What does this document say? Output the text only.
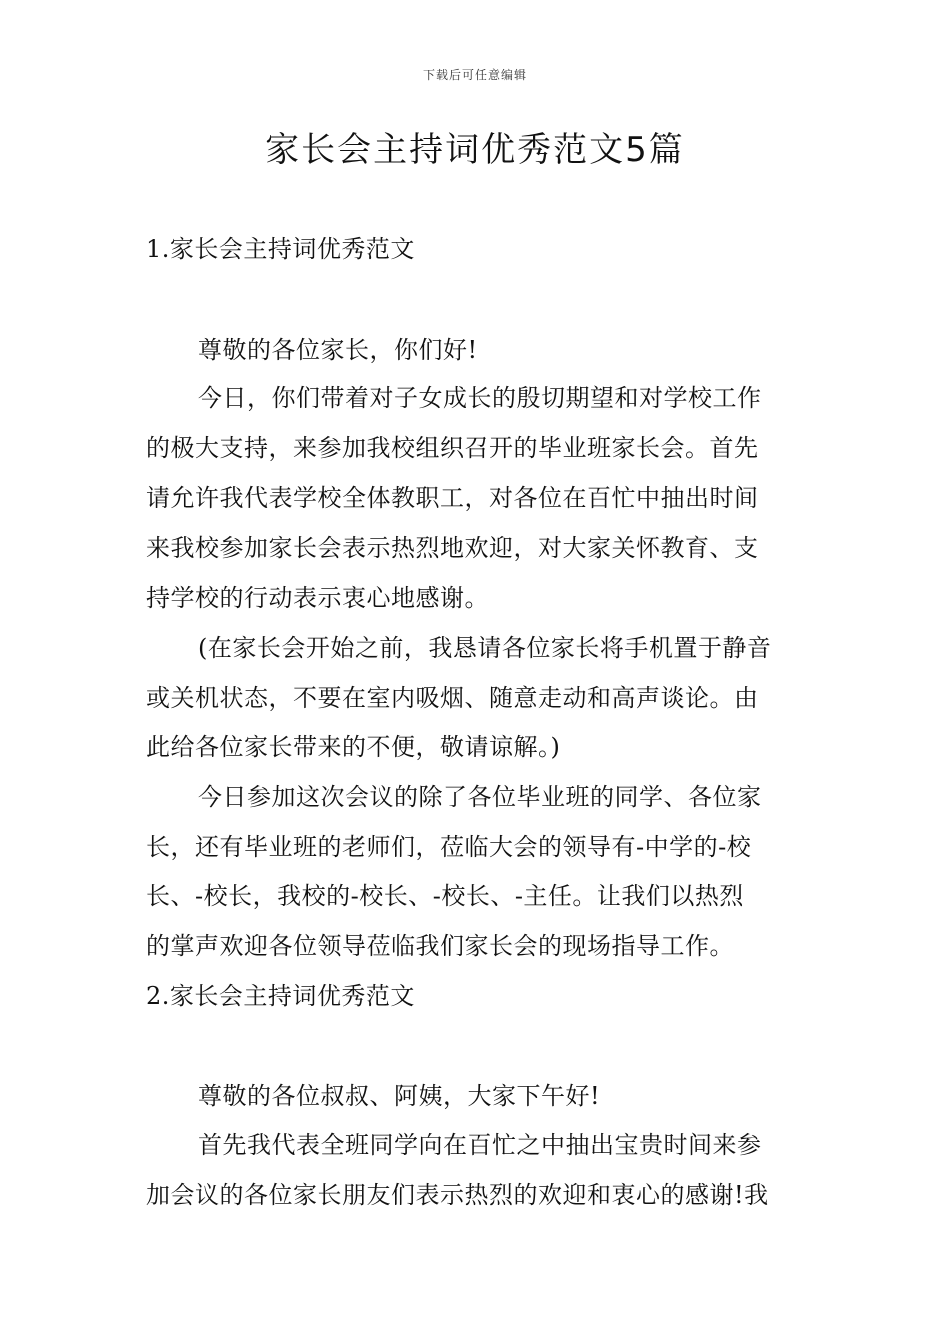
下载后可任意编辑
家长会主持词优秀范文5篇
1.家长会主持词优秀范文
尊敬的各位家长，你们好!
今日，你们带着对子女成长的殷切期望和对学校工作
的极大支持，来参加我校组织召开的毕业班家长会。首先
请允许我代表学校全体教职工，对各位在百忙中抽出时间
来我校参加家长会表示热烈地欢迎，对大家关怀教育、支
持学校的行动表示衷心地感谢。
(在家长会开始之前，我恳请各位家长将手机置于静音
或关机状态，不要在室内吸烟、随意走动和高声谈论。由
此给各位家长带来的不便，敬请谅解。)
今日参加这次会议的除了各位毕业班的同学、各位家
长，还有毕业班的老师们，莅临大会的领导有-中学的-校
长、-校长，我校的-校长、-校长、-主任。让我们以热烈
的掌声欢迎各位领导莅临我们家长会的现场指导工作。
2.家长会主持词优秀范文
尊敬的各位叔叔、阿姨，大家下午好!
首先我代表全班同学向在百忙之中抽出宝贵时间来参
加会议的各位家长朋友们表示热烈的欢迎和衷心的感谢!我
